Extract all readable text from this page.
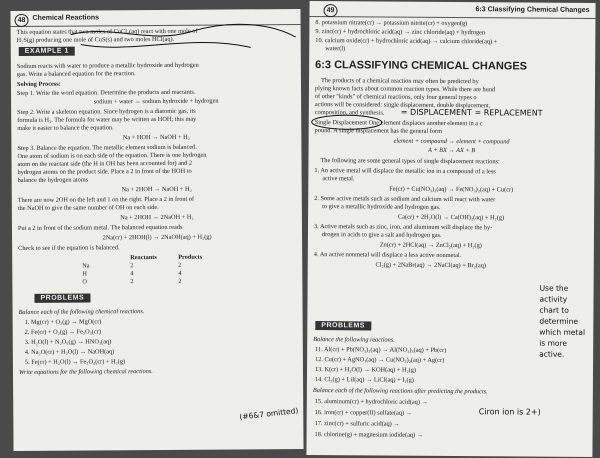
48	Chemical Reactions
This equation states that two moles of CuCl₂(aq) react with one mole of
H₂S(g) producing one mole of CuS(s) and two moles HCl(aq).
EXAMPLE 1
Sodium reacts with water to produce a metallic hydroxide and hydrogen
gas. Write a balanced equation for the reaction.
Solving Process:
Step 1. Write the word equation. Determine the products and reactants.
sodium + water → sodium hydroxide + hydrogen
Step 2. Write a skeleton equation. Since hydrogen is a diatomic gas, its
formula is H₂. The formula for water may be written as HOH; this may
make it easier to balance the equation.
Na + HOH → NaOH + H₂
Step 3. Balance the equation. The metallic element sodium is balanced.
One atom of sodium is on each side of the equation. There is one hydrogen
atom on the reactant side (the H in OH has been accounted for) and 2
hydrogen atoms on the product side. Place a 2 in front of the HOH to
balance the hydrogen atoms
Na + 2HOH → NaOH + H₂
There are now 2OH on the left and 1 on the right. Place a 2 in front of
the NaOH to give the same number of OH on each side.
Na + 2HOH → 2NaOH + H₂
Put a 2 in front of the sodium metal. The balanced equation reads
2Na(cr) + 2HOH(l) → 2NaOH(aq) + H₂(g)
Check to see if the equation is balanced.
Reactants	Products
Na	2	2
H	4	4
O	2	2
PROBLEMS
Balance each of the following chemical reactions.
1. Mg(cr) + O₂(g) → MgO(cr)
2. Fe(cr) + O₂(g) → Fe₂O₃(cr)
3. H₂O(l) + N₂O₅(g) → HNO₃(aq)
4. Na₂O(cr) + H₂O(l) → NaOH(aq)
5. Fe(cr) + H₂O(l) → Fe₃O₄(cr) + H₂(g)
Write equations for the following chemical reactions.
(#6&7 omitted)
49	6:3 Classifying Chemical Changes
8. potassium nitrate(cr) → potassium nitrite(cr) + oxygen(g)
9. zinc(cr) + hydrochloric acid(aq) → zinc chloride(aq) + hydrogen
10. calcium oxide(cr) + hydrochloric acid(aq) → calcium chloride(aq) +
water(l)
6:3 CLASSIFYING CHEMICAL CHANGES
The products of a chemical reaction may often be predicted by
plying known facts about common reaction types. While there are hund
of other "kinds" of chemical reactions, only four general types o
actions will be considered: single displacement, double displacement,
composition, and synthesis. = DISPLACEMENT = REPLACEMENT
Single Displacement One element displaces another element in a c
pound. A single displacement has the general form
element + compound → element + compound
A + BX → AX + B
The following are some general types of single displacement reactions:
1. An active metal will displace the metallic ion in a compound of a less
active metal.
Fe(cr) + Cu(NO₃)₂(aq) → Fe(NO₃)₂(aq) + Cu(cr)
2. Some active metals such as sodium and calcium will react with water
to give a metallic hydroxide and hydrogen gas.
Ca(cr) + 2H₂O(l) → Ca(OH)₂(aq) + H₂(g)
3. Active metals such as zinc, iron, and aluminum will displace the hy-
drogen in acids to give a salt and hydrogen gas.
Zn(cr) + 2HCl(aq) → ZnCl₂(aq) + H₂(g)
4. An active nonmetal will displace a less active nonmetal.
Cl₂(g) + 2NaBr(aq) → 2NaCl(aq) + Br₂(aq)
Use the
activity
chart to
determine
which metal
is more
active.
PROBLEMS
Balance the following reactions.
11. Al(cr) + Pb(NO₃)₂(aq) → Al(NO₃)₃(aq) + Pb(cr)
12. Cu(cr) + AgNO₃(aq) → Cu(NO₃)₂(aq) + Ag(cr)
13. K(cr) + H₂O(l) → KOH(aq) + H₂(g)
14. Cl₂(g) + LiI(aq) → LiCl(aq) + I₂(g)
Balance each of the following reactions after predicting the products.
15. aluminum(cr) + hydrochloric acid(aq) →
16. iron(cr) + copper(II) sulfate(aq) →	Ciron ion is 2+)
17. zinc(cr) + sulfuric acid(aq) →
18. chlorine(g) + magnesium iodide(aq) →
